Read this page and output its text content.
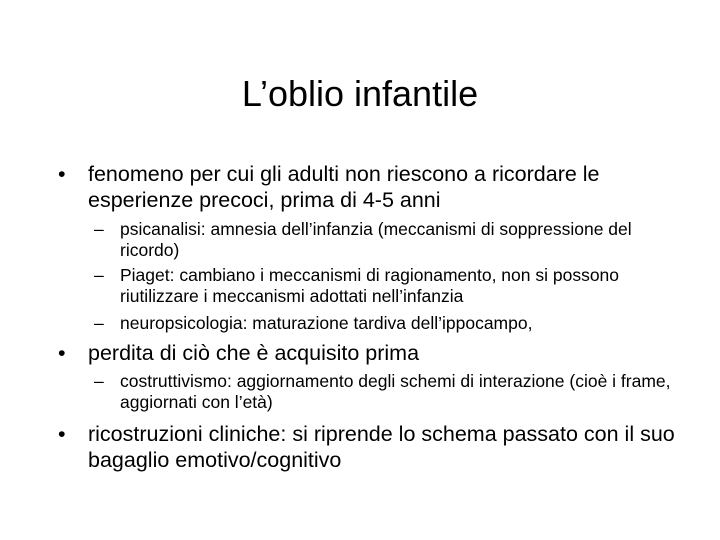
L’oblio infantile
• fenomeno per cui gli adulti non riescono a ricordare le esperienze precoci, prima di 4-5 anni
– psicanalisi: amnesia dell’infanzia (meccanismi di soppressione del ricordo)
– Piaget: cambiano i meccanismi di ragionamento, non si possono riutilizzare i meccanismi adottati nell’infanzia
– neuropsicologia: maturazione tardiva dell’ippocampo,
• perdita di ciò che è acquisito prima
– costruttivismo: aggiornamento degli schemi di interazione (cioè i frame, aggiornati con l’età)
• ricostruzioni cliniche: si riprende lo schema passato con il suo bagaglio emotivo/cognitivo
